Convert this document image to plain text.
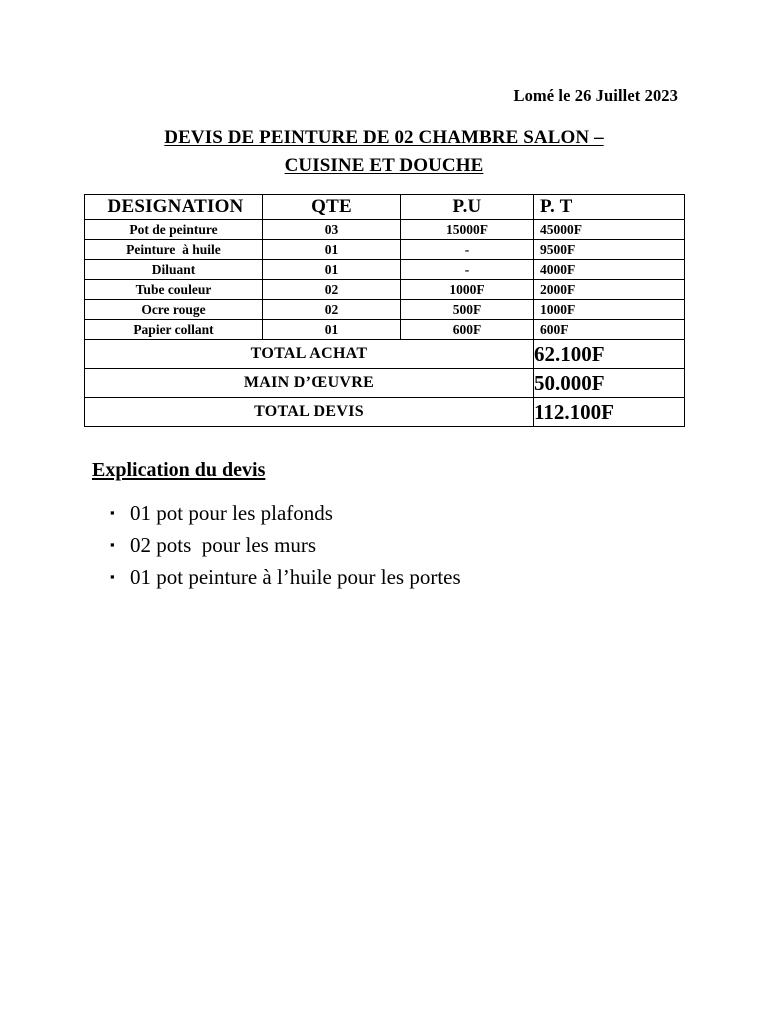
Lomé le 26 Juillet 2023
DEVIS DE PEINTURE DE 02 CHAMBRE SALON –
CUISINE ET DOUCHE
DESIGNATION	QTE	P.U	P. T
Pot de peinture	03	15000F	45000F
Peinture  à huile	01	-	9500F
Diluant	01	-	4000F
Tube couleur	02	1000F	2000F
Ocre rouge	02	500F	1000F
Papier collant	01	600F	600F
TOTAL ACHAT			62.100F
MAIN D’ŒUVRE			50.000F
TOTAL DEVIS			112.100F
Explication du devis
▪ 01 pot pour les plafonds
▪ 02 pots  pour les murs
▪ 01 pot peinture à l’huile pour les portes
